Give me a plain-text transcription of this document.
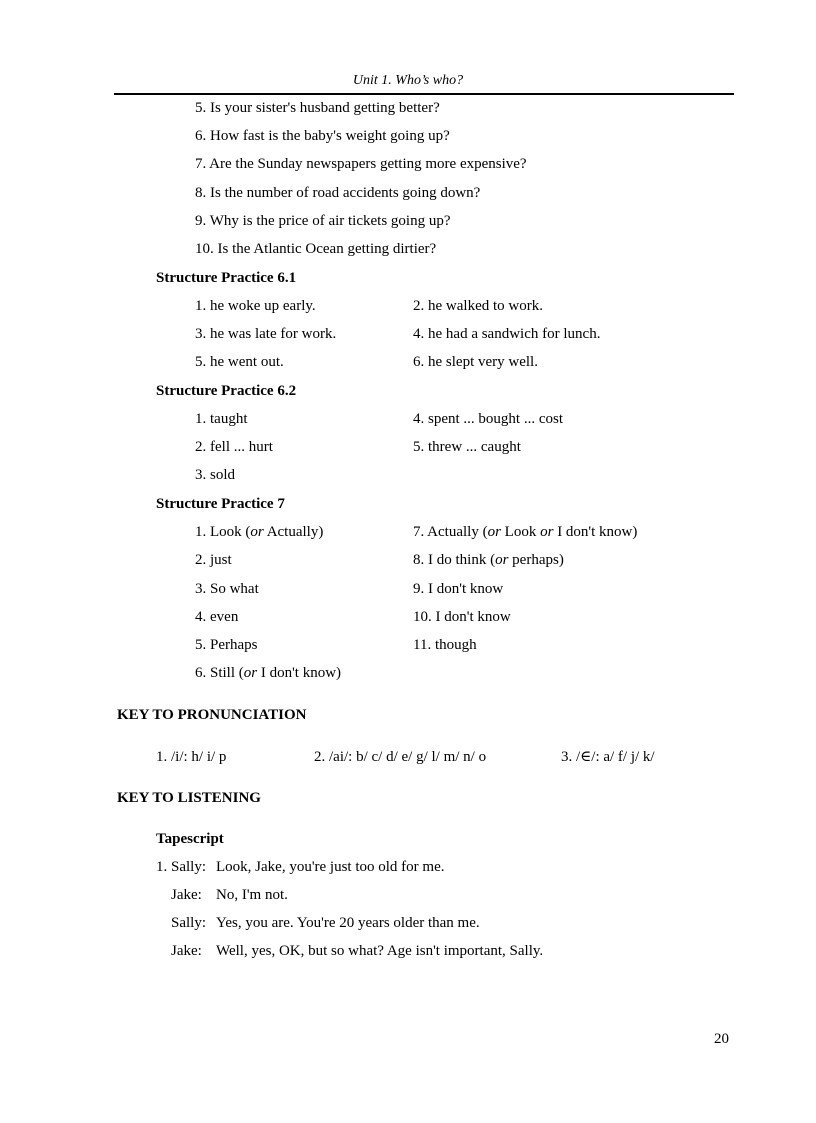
Unit 1. Who’s who?
5. Is your sister's husband getting better?
6. How fast is the baby's weight going up?
7. Are the Sunday newspapers getting more expensive?
8. Is the number of road accidents going down?
9. Why is the price of air tickets going up?
10. Is the Atlantic Ocean getting dirtier?
Structure Practice 6.1
1. he woke up early.	2. he walked to work.
3. he was late for work.	4. he had a sandwich for lunch.
5. he went out.	6. he slept very well.
Structure Practice 6.2
1. taught	4. spent ... bought ... cost
2. fell ... hurt	5. threw ... caught
3. sold
Structure Practice 7
1. Look (or Actually)	7. Actually (or Look or I don't know)
2. just	8. I do think (or perhaps)
3. So what	9. I don't know
4. even	10. I don't know
5. Perhaps	11. though
6. Still (or I don't know)
KEY TO PRONUNCIATION
1. /i/: h/ i/ p	2. /ai/: b/ c/ d/ e/ g/ l/ m/ n/ o	3. /∈/: a/ f/ j/ k/
KEY TO LISTENING
Tapescript
1. Sally: Look, Jake, you're just too old for me.
Jake: No, I'm not.
Sally: Yes, you are. You're 20 years older than me.
Jake: Well, yes, OK, but so what? Age isn't important, Sally.
20
